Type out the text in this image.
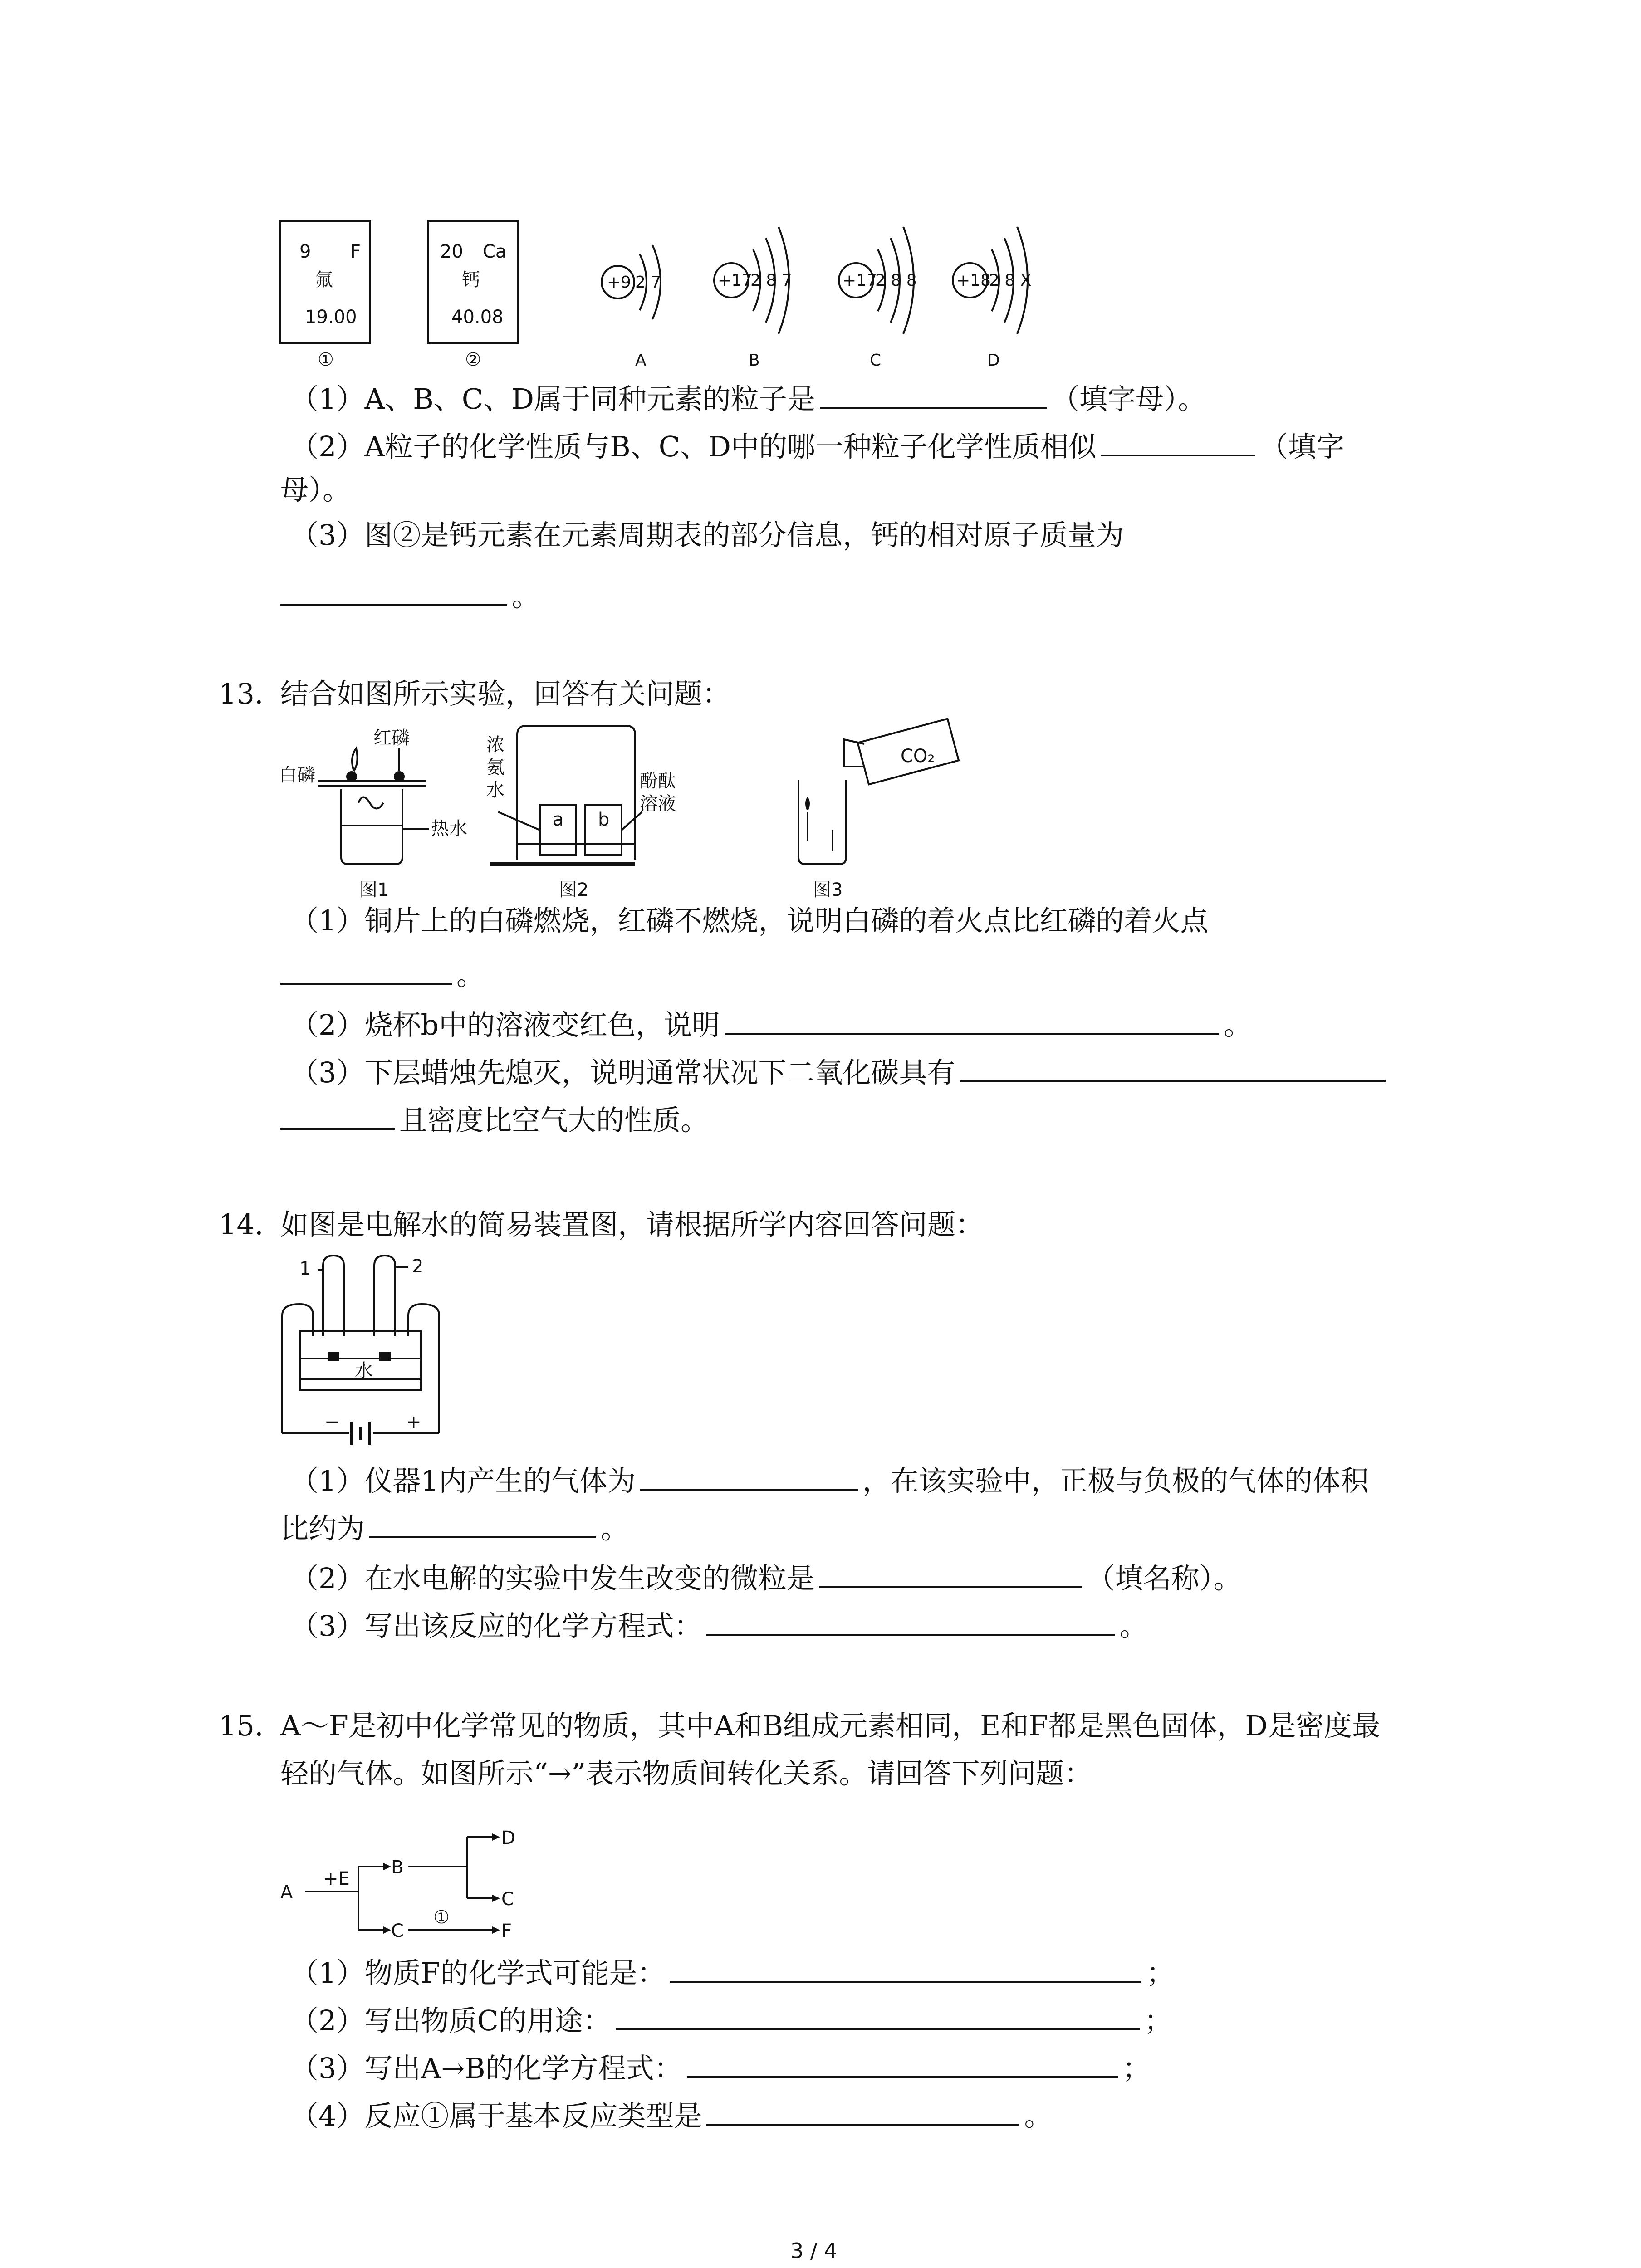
9 F
氟
19.00
①
20 Ca
钙
40.08
②
+9 2 7	+17
2 8 7	+17
2 8 8 +18
2 8 X
A	B	C	D
（1）A、B、C、D属于同种元素的粒子是	（填字母）。
（2）A粒子的化学性质与B、C、D中的哪一种粒子化学性质相似	（填字
母）。
（3）图②是钙元素在元素周期表的部分信息，钙的相对原子质量为
。
13. 结合如图所示实验，回答有关问题：
白磷
红磷
热水
浓
氨
水	酚酞
溶液
a b
CO₂
图1	图2	图3
（1）铜片上的白磷燃烧，红磷不燃烧，说明白磷的着火点比红磷的着火点
。
（2）烧杯b中的溶液变红色，说明	。
（3）下层蜡烛先熄灭，说明通常状况下二氧化碳具有
且密度比空气大的性质。
14. 如图是电解水的简易装置图，请根据所学内容回答问题：
1	2
水
−	+
（1）仪器1内产生的气体为	，在该实验中，正极与负极的气体的体积
比约为	。
（2）在水电解的实验中发生改变的微粒是	（填名称）。
（3）写出该反应的化学方程式：	。
15. A～F是初中化学常见的物质，其中A和B组成元素相同，E和F都是黑色固体，D是密度最
轻的气体。如图所示“→”表示物质间转化关系。请回答下列问题：
A
+E
B
D
C
C	F
①
（1）物质F的化学式可能是：	；
（2）写出物质C的用途：	；
（3）写出A→B的化学方程式：	；
（4）反应①属于基本反应类型是	。
3 / 4
